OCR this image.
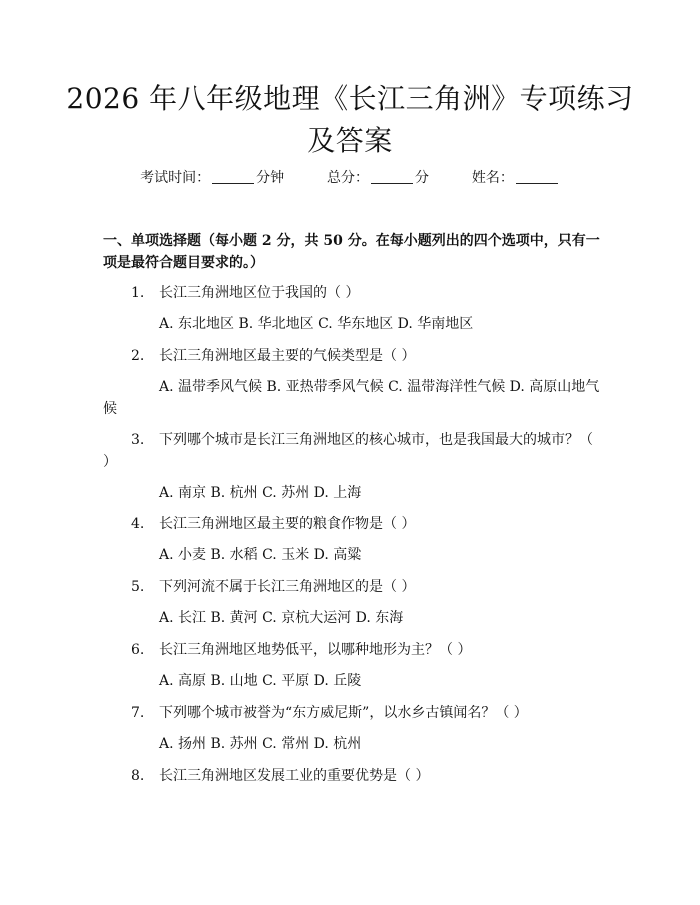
2026 年八年级地理《长江三角洲》专项练习
及答案
考试时间：	分钟	总分：	分	姓名：
一、单项选择题（每小题 2 分，共 50 分。在每小题列出的四个选项中，只有一项是最符合题目要求的。）
1.	长江三角洲地区位于我国的（ ）
A. 东北地区 B. 华北地区 C. 华东地区 D. 华南地区
2.	长江三角洲地区最主要的气候类型是（ ）
A. 温带季风气候 B. 亚热带季风气候 C. 温带海洋性气候 D. 高原山地气候
3.	下列哪个城市是长江三角洲地区的核心城市，也是我国最大的城市？（ ）
A. 南京 B. 杭州 C. 苏州 D. 上海
4.	长江三角洲地区最主要的粮食作物是（ ）
A. 小麦 B. 水稻 C. 玉米 D. 高粱
5.	下列河流不属于长江三角洲地区的是（ ）
A. 长江 B. 黄河 C. 京杭大运河 D. 东海
6.	长江三角洲地区地势低平，以哪种地形为主？（ ）
A. 高原 B. 山地 C. 平原 D. 丘陵
7.	下列哪个城市被誉为“东方威尼斯”，以水乡古镇闻名？（ ）
A. 扬州 B. 苏州 C. 常州 D. 杭州
8.	长江三角洲地区发展工业的重要优势是（ ）
